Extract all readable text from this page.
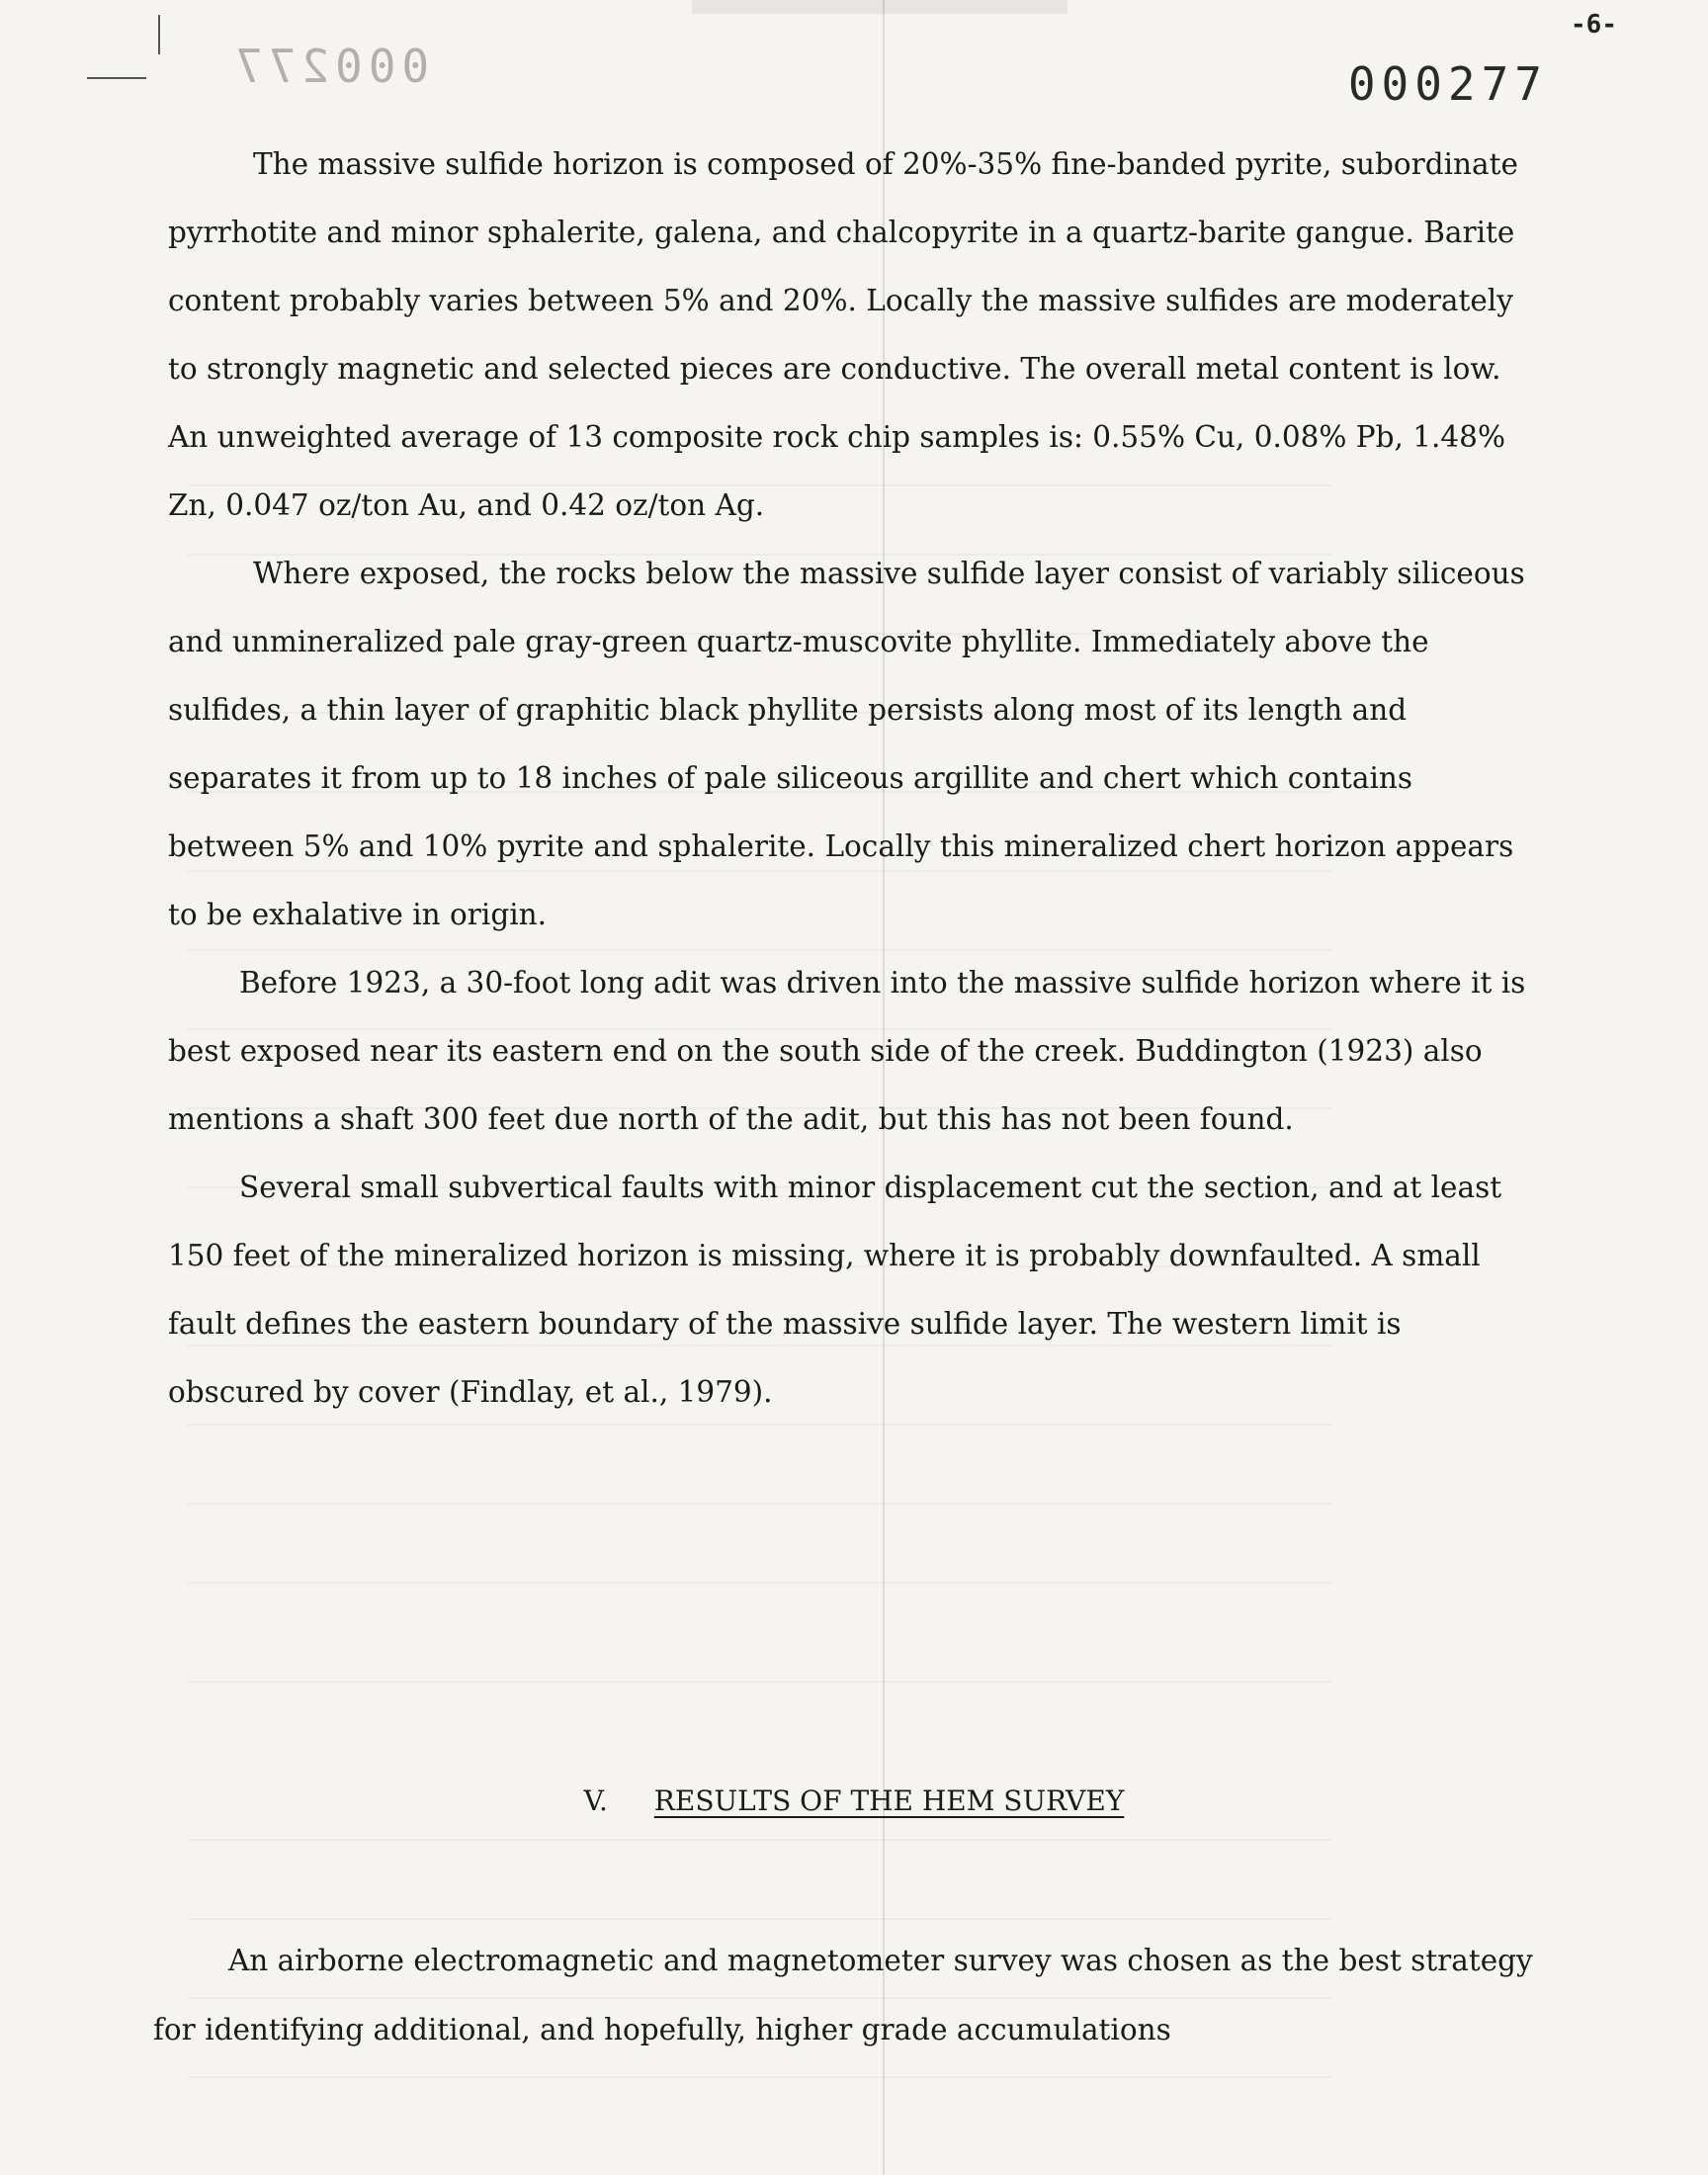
000277
-6-
000277

The massive sulfide horizon is composed of 20%-35% fine-banded pyrite, subordinate pyrrhotite and minor sphalerite, galena, and chalcopyrite in a quartz-barite gangue. Barite content probably varies between 5% and 20%. Locally the massive sulfides are moderately to strongly magnetic and selected pieces are conductive. The overall metal content is low. An unweighted average of 13 composite rock chip samples is: 0.55% Cu, 0.08% Pb, 1.48% Zn, 0.047 oz/ton Au, and 0.42 oz/ton Ag.

Where exposed, the rocks below the massive sulfide layer consist of variably siliceous and unmineralized pale gray-green quartz-muscovite phyllite. Immediately above the sulfides, a thin layer of graphitic black phyllite persists along most of its length and separates it from up to 18 inches of pale siliceous argillite and chert which contains between 5% and 10% pyrite and sphalerite. Locally this mineralized chert horizon appears to be exhalative in origin.

Before 1923, a 30-foot long adit was driven into the massive sulfide horizon where it is best exposed near its eastern end on the south side of the creek. Buddington (1923) also mentions a shaft 300 feet due north of the adit, but this has not been found.

Several small subvertical faults with minor displacement cut the section, and at least 150 feet of the mineralized horizon is missing, where it is probably downfaulted. A small fault defines the eastern boundary of the massive sulfide layer. The western limit is obscured by cover (Findlay, et al., 1979).

V. RESULTS OF THE HEM SURVEY

An airborne electromagnetic and magnetometer survey was chosen as the best strategy for identifying additional, and hopefully, higher grade accumulations
